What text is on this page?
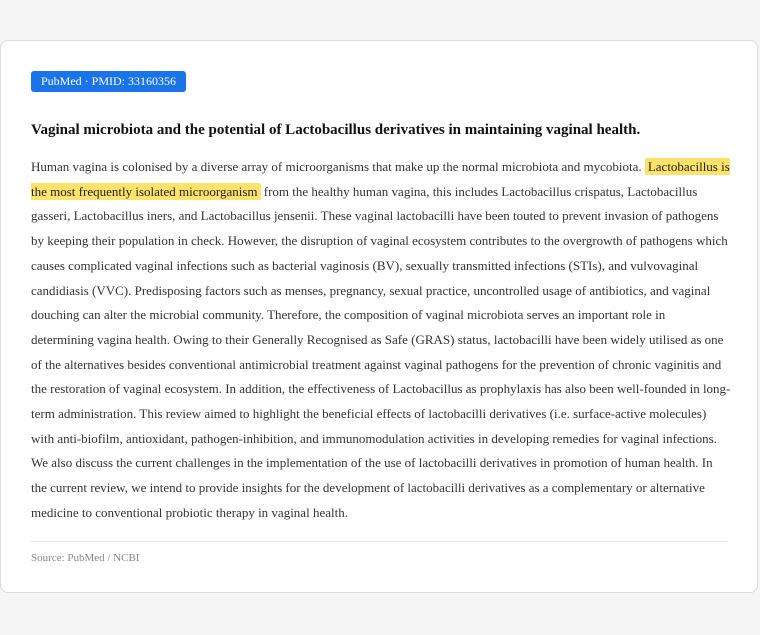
PubMed · PMID: 33160356
Vaginal microbiota and the potential of Lactobacillus derivatives in maintaining vaginal health.

Human vagina is colonised by a diverse array of microorganisms that make up the normal microbiota and mycobiota. Lactobacillus is the most frequently isolated microorganism from the healthy human vagina, this includes Lactobacillus crispatus, Lactobacillus gasseri, Lactobacillus iners, and Lactobacillus jensenii. These vaginal lactobacilli have been touted to prevent invasion of pathogens by keeping their population in check. However, the disruption of vaginal ecosystem contributes to the overgrowth of pathogens which causes complicated vaginal infections such as bacterial vaginosis (BV), sexually transmitted infections (STIs), and vulvovaginal candidiasis (VVC). Predisposing factors such as menses, pregnancy, sexual practice, uncontrolled usage of antibiotics, and vaginal douching can alter the microbial community. Therefore, the composition of vaginal microbiota serves an important role in determining vagina health. Owing to their Generally Recognised as Safe (GRAS) status, lactobacilli have been widely utilised as one of the alternatives besides conventional antimicrobial treatment against vaginal pathogens for the prevention of chronic vaginitis and the restoration of vaginal ecosystem. In addition, the effectiveness of Lactobacillus as prophylaxis has also been well-founded in long-term administration. This review aimed to highlight the beneficial effects of lactobacilli derivatives (i.e. surface-active molecules) with anti-biofilm, antioxidant, pathogen-inhibition, and immunomodulation activities in developing remedies for vaginal infections. We also discuss the current challenges in the implementation of the use of lactobacilli derivatives in promotion of human health. In the current review, we intend to provide insights for the development of lactobacilli derivatives as a complementary or alternative medicine to conventional probiotic therapy in vaginal health.

Source: PubMed / NCBI
